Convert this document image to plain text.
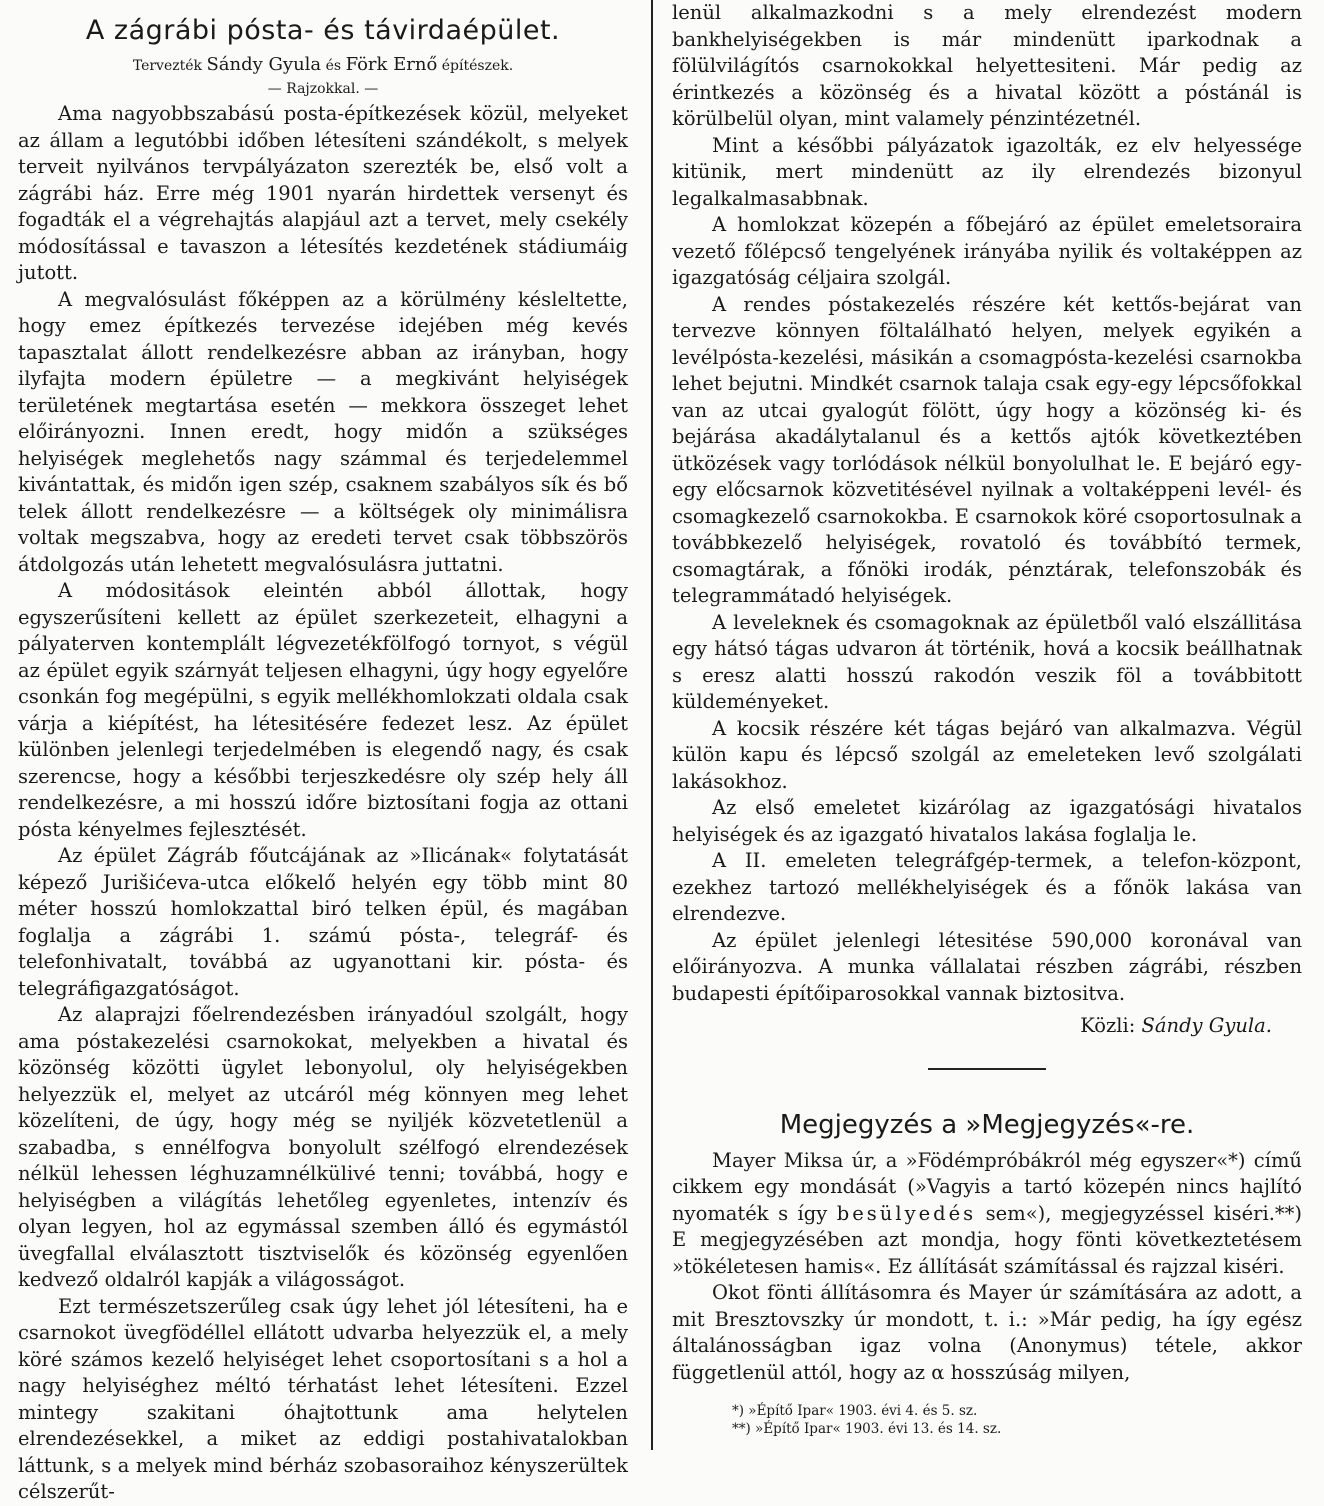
A zágrábi pósta- és távirdaépület.
Tervezték Sándy Gyula és Förk Ernő építészek.
— Rajzokkal. —

Ama nagyobbszabású posta-építkezések közül, melyeket az állam a legutóbbi időben létesíteni szándékolt, s melyek terveit nyilvános tervpályázaton szerezték be, első volt a zágrábi ház. Erre még 1901 nyarán hirdettek versenyt és fogadták el a végrehajtás alapjául azt a tervet, mely csekély módosítással e tavaszon a létesítés kezdetének stádiumáig jutott.

A megvalósulást főképpen az a körülmény késleltette, hogy emez építkezés tervezése idejében még kevés tapasztalat állott rendelkezésre abban az irányban, hogy ilyfajta modern épületre — a megkivánt helyiségek területének megtartása esetén — mekkora összeget lehet előirányozni. Innen eredt, hogy midőn a szükséges helyiségek meglehetős nagy számmal és terjedelemmel kivántattak, és midőn igen szép, csaknem szabályos sík és bő telek állott rendelkezésre — a költségek oly minimálisra voltak megszabva, hogy az eredeti tervet csak többszörös átdolgozás után lehetett megvalósulásra juttatni.

A módositások eleintén abból állottak, hogy egyszerűsíteni kellett az épület szerkezeteit, elhagyni a pályaterven kontemplált légvezetékfölfogó tornyot, s végül az épület egyik szárnyát teljesen elhagyni, úgy hogy egyelőre csonkán fog megépülni, s egyik mellékhomlokzati oldala csak várja a kiépítést, ha létesitésére fedezet lesz. Az épület különben jelenlegi terjedelmében is elegendő nagy, és csak szerencse, hogy a későbbi terjeszkedésre oly szép hely áll rendelkezésre, a mi hosszú időre biztosítani fogja az ottani pósta kényelmes fejlesztését.

Az épület Zágráb főutcájának az »Ilicának« folytatását képező Jurišićeva-utca előkelő helyén egy több mint 80 méter hosszú homlokzattal biró telken épül, és magában foglalja a zágrábi 1. számú pósta-, telegráf- és telefonhivatalt, továbbá az ugyanottani kir. pósta- és telegráfigazgatóságot.

Az alaprajzi főelrendezésben irányadóul szolgált, hogy ama póstakezelési csarnokokat, melyekben a hivatal és közönség közötti ügylet lebonyolul, oly helyiségekben helyezzük el, melyet az utcáról még könnyen meg lehet közelíteni, de úgy, hogy még se nyiljék közvetetlenül a szabadba, s ennélfogva bonyolult szélfogó elrendezések nélkül lehessen léghuzamnélkülivé tenni; továbbá, hogy e helyiségben a világítás lehetőleg egyenletes, intenzív és olyan legyen, hol az egymással szemben álló és egymástól üvegfallal elválasztott tisztviselők és közönség egyenlően kedvező oldalról kapják a világosságot.

Ezt természetszerűleg csak úgy lehet jól létesíteni, ha e csarnokot üvegfödéllel ellátott udvarba helyezzük el, a mely köré számos kezelő helyiséget lehet csoportosítani s a hol a nagy helyiséghez méltó térhatást lehet létesíteni. Ezzel mintegy szakitani óhajtottunk ama helytelen elrendezésekkel, a miket az eddigi postahivatalokban láttunk, s a melyek mind bérház szobasoraihoz kényszerültek célszerűt-

lenül alkalmazkodni s a mely elrendezést modern bankhelyiségekben is már mindenütt iparkodnak a fölülvilágítós csarnokokkal helyettesiteni. Már pedig az érintkezés a közönség és a hivatal között a póstánál is körülbelül olyan, mint valamely pénzintézetnél.

Mint a későbbi pályázatok igazolták, ez elv helyessége kitünik, mert mindenütt az ily elrendezés bizonyul legalkalmasabbnak.

A homlokzat közepén a főbejáró az épület emeletsoraira vezető főlépcső tengelyének irányába nyilik és voltaképpen az igazgatóság céljaira szolgál.

A rendes póstakezelés részére két kettős-bejárat van tervezve könnyen föltalálható helyen, melyek egyikén a levélpósta-kezelési, másikán a csomagpósta-kezelési csarnokba lehet bejutni. Mindkét csarnok talaja csak egy-egy lépcsőfokkal van az utcai gyalogút fölött, úgy hogy a közönség ki- és bejárása akadálytalanul és a kettős ajtók következtében ütközések vagy torlódások nélkül bonyolulhat le. E bejáró egy-egy előcsarnok közvetitésével nyilnak a voltaképpeni levél- és csomagkezelő csarnokokba. E csarnokok köré csoportosulnak a továbbkezelő helyiségek, rovatoló és továbbító termek, csomagtárak, a főnöki irodák, pénztárak, telefonszobák és telegrammátadó helyiségek.

A leveleknek és csomagoknak az épületből való elszállitása egy hátsó tágas udvaron át történik, hová a kocsik beállhatnak s eresz alatti hosszú rakodón veszik föl a továbbitott küldeményeket.

A kocsik részére két tágas bejáró van alkalmazva. Végül külön kapu és lépcső szolgál az emeleteken levő szolgálati lakásokhoz.

Az első emeletet kizárólag az igazgatósági hivatalos helyiségek és az igazgató hivatalos lakása foglalja le.

A II. emeleten telegráfgép-termek, a telefon-központ, ezekhez tartozó mellékhelyiségek és a főnök lakása van elrendezve.

Az épület jelenlegi létesitése 590,000 koronával van előirányozva. A munka vállalatai részben zágrábi, részben budapesti építőiparosokkal vannak biztositva.

Közli: Sándy Gyula.
Megjegyzés a »Megjegyzés«-re.

Mayer Miksa úr, a »Födémpróbákról még egyszer«*) című cikkem egy mondását (»Vagyis a tartó közepén nincs hajlító nyomaték s így besülyedés sem«), megjegyzéssel kiséri.**) E megjegyzésében azt mondja, hogy fönti következtetésem »tökéletesen hamis«. Ez állítását számítással és rajzzal kiséri.

Okot fönti állításomra és Mayer úr számítására az adott, a mit Bresztovszky úr mondott, t. i.: »Már pedig, ha így egész általánosságban igaz volna (Anonymus) tétele, akkor függetlenül attól, hogy az α hosszúság milyen,

*) »Építő Ipar« 1903. évi 4. és 5. sz.
**) »Építő Ipar« 1903. évi 13. és 14. sz.
